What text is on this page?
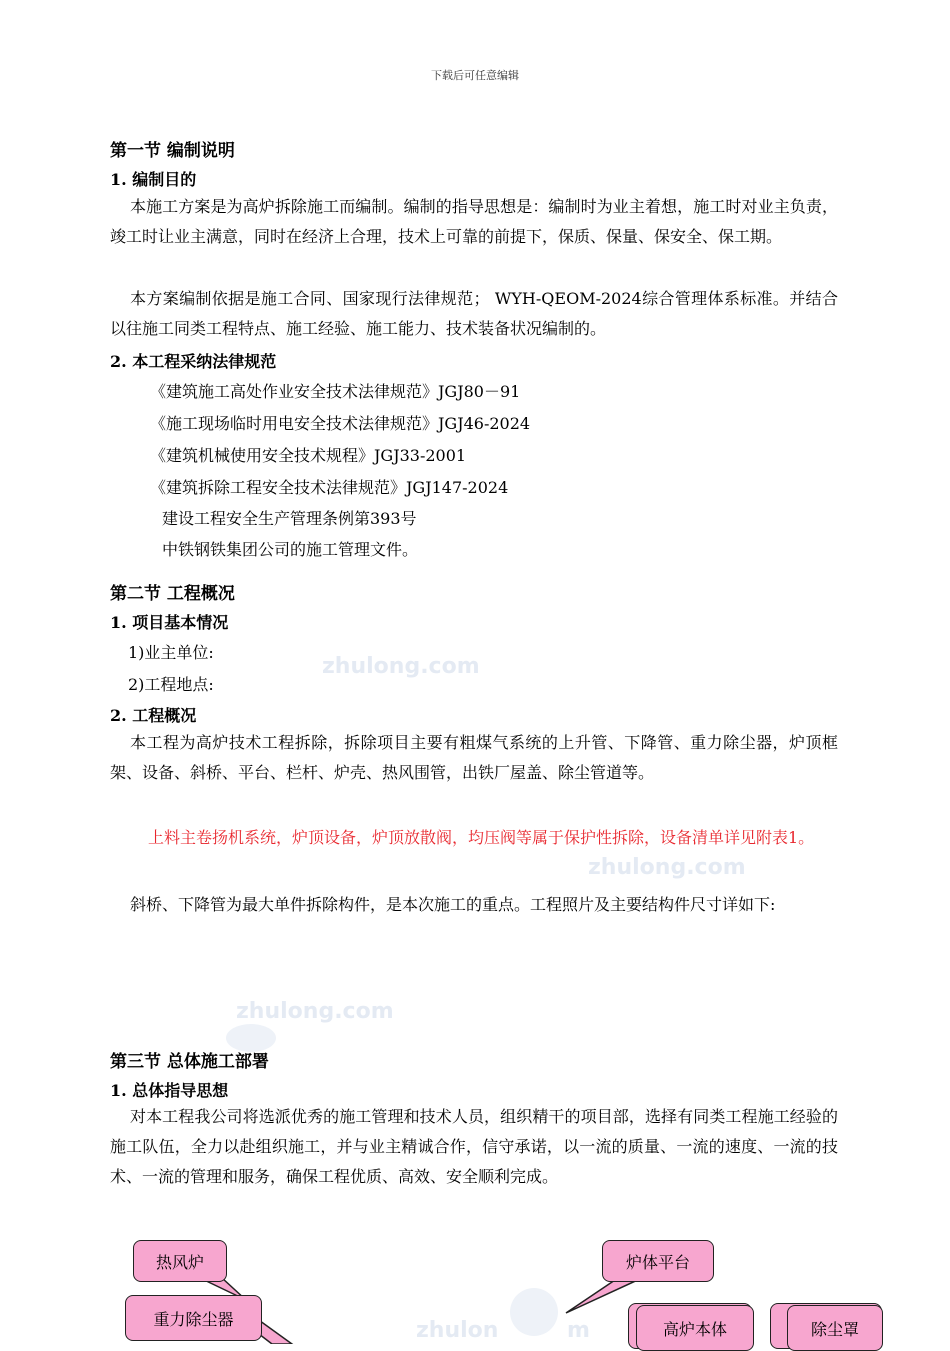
下载后可任意编辑
zhulong.com
zhulong.com
zhulong.com
zhulon	m
第一节 编制说明
1. 编制目的
本施工方案是为高炉拆除施工而编制。编制的指导思想是：编制时为业主着想，施工时对业主负责，竣工时让业主满意，同时在经济上合理，技术上可靠的前提下，保质、保量、保安全、保工期。
本方案编制依据是施工合同、国家现行法律规范； WYH-QEOM-2024综合管理体系标准。并结合以往施工同类工程特点、施工经验、施工能力、技术装备状况编制的。
2. 本工程采纳法律规范
《建筑施工高处作业安全技术法律规范》JGJ80－91
《施工现场临时用电安全技术法律规范》JGJ46-2024
《建筑机械使用安全技术规程》JGJ33-2001
《建筑拆除工程安全技术法律规范》JGJ147-2024
建设工程安全生产管理条例第393号
中铁钢铁集团公司的施工管理文件。
第二节 工程概况
1. 项目基本情况
1)业主单位:
2)工程地点:
2. 工程概况
本工程为高炉技术工程拆除，拆除项目主要有粗煤气系统的上升管、下降管、重力除尘器，炉顶框架、设备、斜桥、平台、栏杆、炉壳、热风围管，出铁厂屋盖、除尘管道等。
上料主卷扬机系统，炉顶设备，炉顶放散阀，均压阀等属于保护性拆除，设备清单详见附表1。
斜桥、下降管为最大单件拆除构件，是本次施工的重点。工程照片及主要结构件尺寸详如下:
第三节 总体施工部署
1. 总体指导思想
对本工程我公司将选派优秀的施工管理和技术人员，组织精干的项目部，选择有同类工程施工经验的施工队伍，全力以赴组织施工，并与业主精诚合作，信守承诺，以一流的质量、一流的速度、一流的技术、一流的管理和服务，确保工程优质、高效、安全顺利完成。
热风炉
重力除尘器
炉体平台
高炉本体	除尘罩
